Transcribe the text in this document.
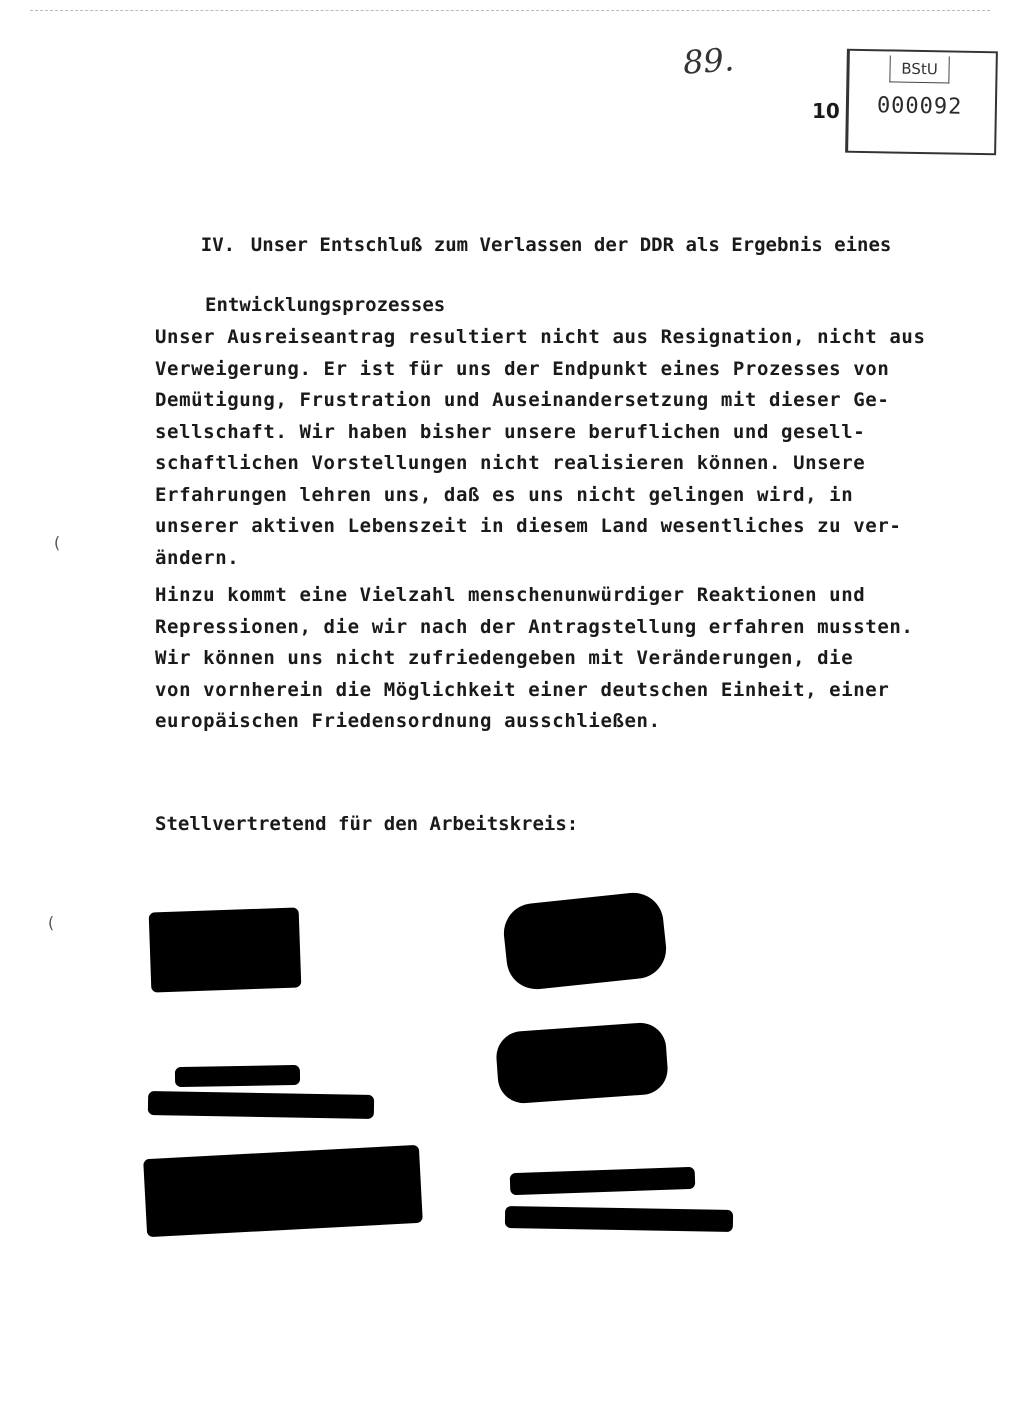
89.
10
BStU
000092

IV. Unser Entschluß zum Verlassen der DDR als Ergebnis eines

Entwicklungsprozesses

Unser Ausreiseantrag resultiert nicht aus Resignation, nicht aus
Verweigerung. Er ist für uns der Endpunkt eines Prozesses von
Demütigung, Frustration und Auseinandersetzung mit dieser Ge-
sellschaft. Wir haben bisher unsere beruflichen und gesell-
schaftlichen Vorstellungen nicht realisieren können. Unsere
Erfahrungen lehren uns, daß es uns nicht gelingen wird, in
unserer aktiven Lebenszeit in diesem Land wesentliches zu ver-
ändern.

Hinzu kommt eine Vielzahl menschenunwürdiger Reaktionen und
Repressionen, die wir nach der Antragstellung erfahren mussten.
Wir können uns nicht zufriedengeben mit Veränderungen, die
von vornherein die Möglichkeit einer deutschen Einheit, einer
europäischen Friedensordnung ausschließen.

Stellvertretend für den Arbeitskreis:
(
(
